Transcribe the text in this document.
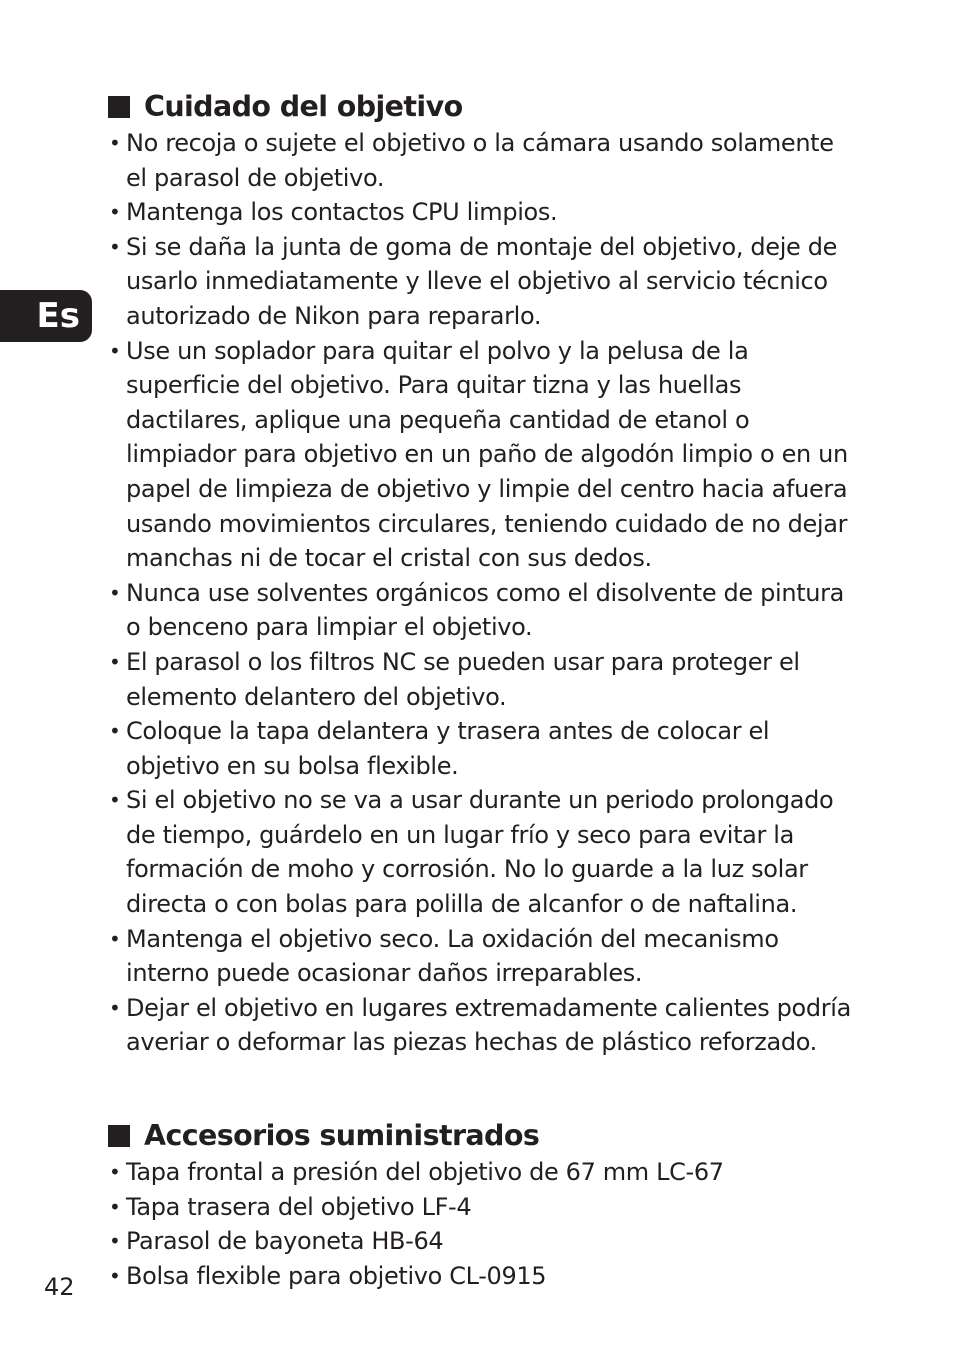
Es
Cuidado del objetivo
• No recoja o sujete el objetivo o la cámara usando solamente el parasol de objetivo.
• Mantenga los contactos CPU limpios.
• Si se daña la junta de goma de montaje del objetivo, deje de usarlo inmediatamente y lleve el objetivo al servicio técnico autorizado de Nikon para repararlo.
• Use un soplador para quitar el polvo y la pelusa de la superficie del objetivo. Para quitar tizna y las huellas dactilares, aplique una pequeña cantidad de etanol o limpiador para objetivo en un paño de algodón limpio o en un papel de limpieza de objetivo y limpie del centro hacia afuera usando movimientos circulares, teniendo cuidado de no dejar manchas ni de tocar el cristal con sus dedos.
• Nunca use solventes orgánicos como el disolvente de pintura o benceno para limpiar el objetivo.
• El parasol o los filtros NC se pueden usar para proteger el elemento delantero del objetivo.
• Coloque la tapa delantera y trasera antes de colocar el objetivo en su bolsa flexible.
• Si el objetivo no se va a usar durante un periodo prolongado de tiempo, guárdelo en un lugar frío y seco para evitar la formación de moho y corrosión. No lo guarde a la luz solar directa o con bolas para polilla de alcanfor o de naftalina.
• Mantenga el objetivo seco. La oxidación del mecanismo interno puede ocasionar daños irreparables.
• Dejar el objetivo en lugares extremadamente calientes podría averiar o deformar las piezas hechas de plástico reforzado.
Accesorios suministrados
• Tapa frontal a presión del objetivo de 67 mm LC-67
• Tapa trasera del objetivo LF-4
• Parasol de bayoneta HB-64
• Bolsa flexible para objetivo CL-0915
42
